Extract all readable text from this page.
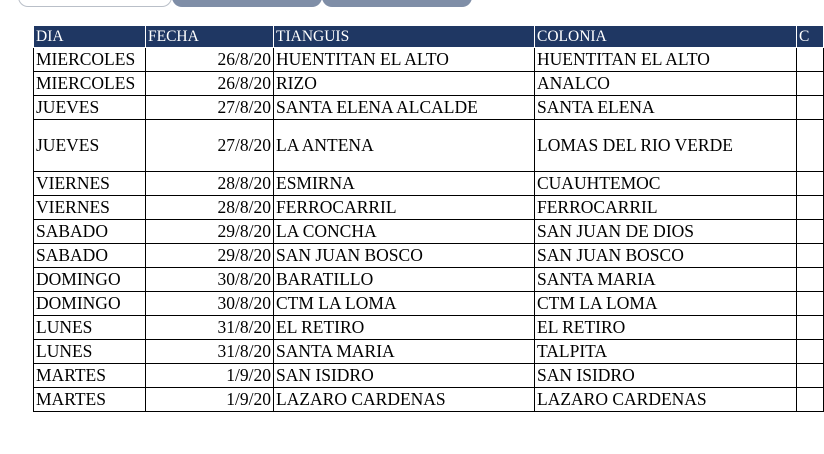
DIA	FECHA	TIANGUIS	COLONIA	C
MIERCOLES	26/8/20	HUENTITAN EL ALTO	HUENTITAN EL ALTO	
MIERCOLES	26/8/20	RIZO	ANALCO	
JUEVES	27/8/20	SANTA ELENA ALCALDE	SANTA ELENA	
JUEVES	27/8/20	LA ANTENA	LOMAS DEL RIO VERDE	
VIERNES	28/8/20	ESMIRNA	CUAUHTEMOC	
VIERNES	28/8/20	FERROCARRIL	FERROCARRIL	
SABADO	29/8/20	LA CONCHA	SAN JUAN DE DIOS	
SABADO	29/8/20	SAN JUAN BOSCO	SAN JUAN BOSCO	
DOMINGO	30/8/20	BARATILLO	SANTA MARIA	
DOMINGO	30/8/20	CTM LA LOMA	CTM LA LOMA	
LUNES	31/8/20	EL RETIRO	EL RETIRO	
LUNES	31/8/20	SANTA MARIA	TALPITA	
MARTES	1/9/20	SAN ISIDRO	SAN ISIDRO	
MARTES	1/9/20	LAZARO CARDENAS	LAZARO CARDENAS	
